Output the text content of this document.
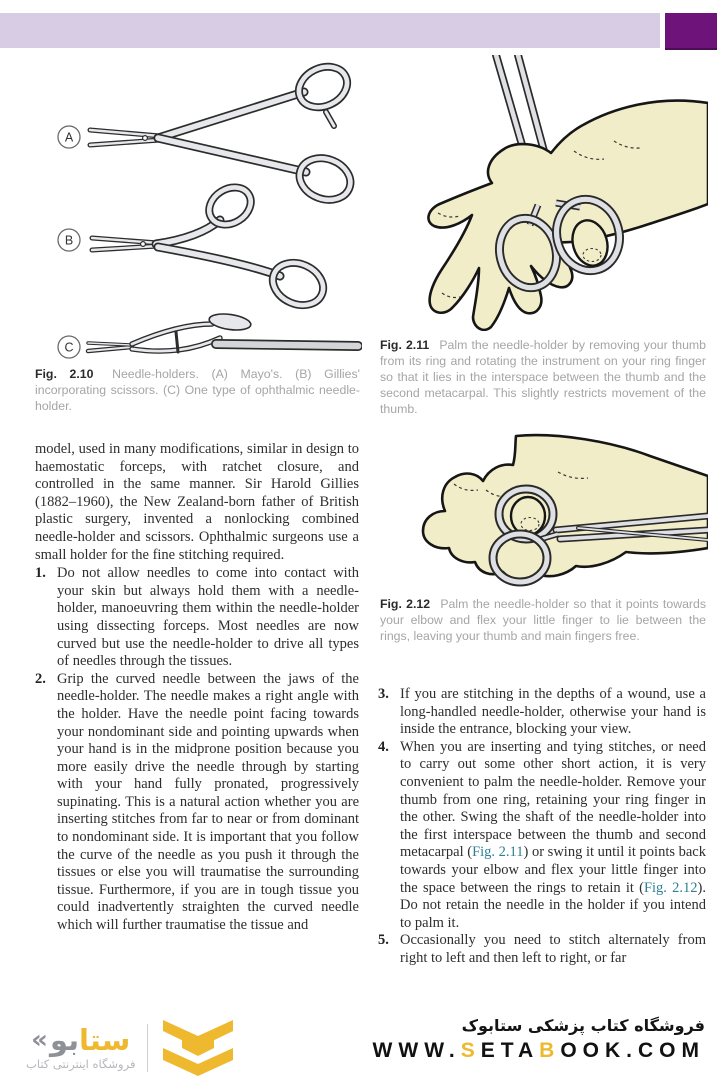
A
B
C
Fig. 2.10 Needle-holders. (A) Mayo's. (B) Gillies' incorporating scissors. (C) One type of ophthalmic needle-holder.
Fig. 2.11 Palm the needle-holder by removing your thumb from its ring and rotating the instrument on your ring finger so that it lies in the interspace between the thumb and the second metacarpal. This slightly restricts movement of the thumb.
Fig. 2.12 Palm the needle-holder so that it points towards your elbow and flex your little finger to lie between the rings, leaving your thumb and main fingers free.

model, used in many modifications, similar in design to haemostatic forceps, with ratchet closure, and controlled in the same manner. Sir Harold Gillies (1882–1960), the New Zealand-born father of British plastic surgery, invented a nonlocking combined needle-holder and scissors. Ophthalmic surgeons use a small holder for the fine stitching required.

1. Do not allow needles to come into contact with your skin but always hold them with a needle-holder, manoeuvring them within the needle-holder using dissecting forceps. Most needles are now curved but use the needle-holder to drive all types of needles through the tissues.
2. Grip the curved needle between the jaws of the needle-holder. The needle makes a right angle with the holder. Have the needle point facing towards your nondominant side and pointing upwards when your hand is in the midprone position because you more easily drive the needle through by starting with your hand fully pronated, progressively supinating. This is a natural action whether you are inserting stitches from far to near or from dominant to nondominant side. It is important that you follow the curve of the needle as you push it through the tissues or else you will traumatise the surrounding tissue. Furthermore, if you are in tough tissue you could inadvertently straighten the curved needle which will further traumatise the tissue and
3. If you are stitching in the depths of a wound, use a long-handled needle-holder, otherwise your hand is inside the entrance, blocking your view.
4. When you are inserting and tying stitches, or need to carry out some other short action, it is very convenient to palm the needle-holder. Remove your thumb from one ring, retaining your ring finger in the other. Swing the shaft of the needle-holder into the first interspace between the thumb and second metacarpal (Fig. 2.11) or swing it until it points back towards your elbow and flex your little finger into the space between the rings to retain it (Fig. 2.12). Do not retain the needle in the holder if you intend to palm it.
5. Occasionally you need to stitch alternately from right to left and then left to right, or far
« بو ستا
فروشگاه اینترنتی کتاب
فروشگاه کتاب پزشکی ستابوک
WWW.SETABOOK.COM
